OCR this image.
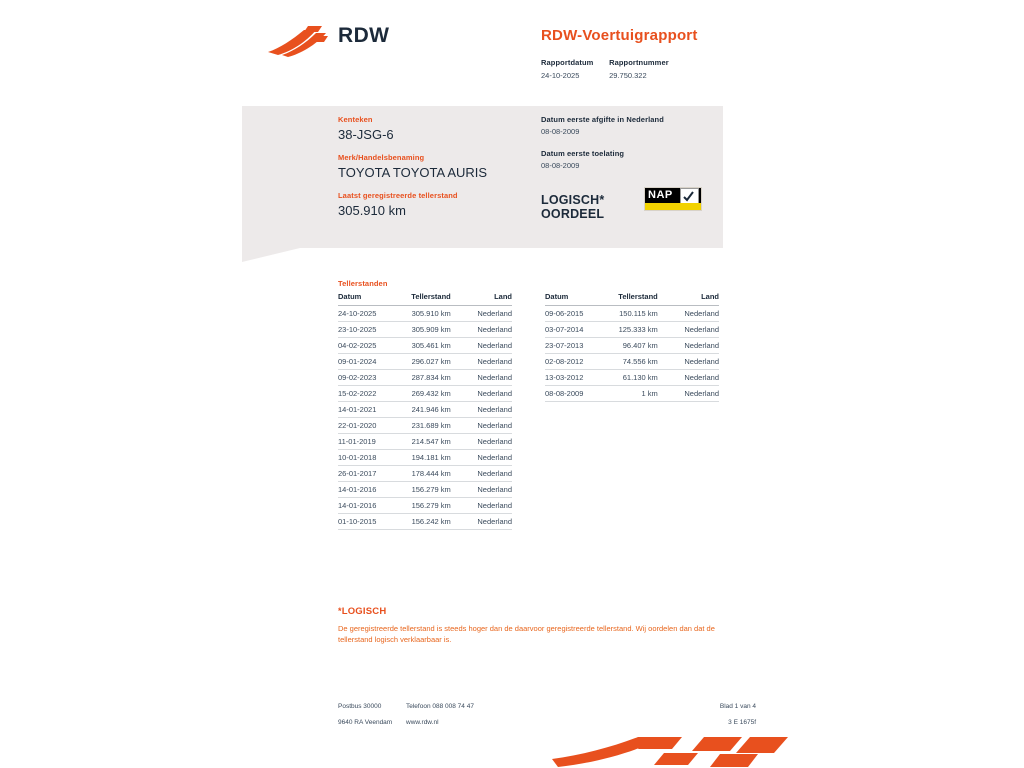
RDW	RDW-Voertuigrapport
Rapportdatum
24-10-2025

Rapportnummer
29.750.322
Kenteken
38-JSG-6
Merk/Handelsbenaming
TOYOTA TOYOTA AURIS
Laatst geregistreerde tellerstand
305.910 km
Datum eerste afgifte in Nederland
08-08-2009
Datum eerste toelating
08-08-2009
LOGISCH*
OORDEEL
NAP
Tellerstanden
Datum	Tellerstand	Land
24-10-2025	305.910 km	Nederland
23-10-2025	305.909 km	Nederland
04-02-2025	305.461 km	Nederland
09-01-2024	296.027 km	Nederland
09-02-2023	287.834 km	Nederland
15-02-2022	269.432 km	Nederland
14-01-2021	241.946 km	Nederland
22-01-2020	231.689 km	Nederland
11-01-2019	214.547 km	Nederland
10-01-2018	194.181 km	Nederland
26-01-2017	178.444 km	Nederland
14-01-2016	156.279 km	Nederland
14-01-2016	156.279 km	Nederland
01-10-2015	156.242 km	Nederland
Datum	Tellerstand	Land
09-06-2015	150.115 km	Nederland
03-07-2014	125.333 km	Nederland
23-07-2013	96.407 km	Nederland
02-08-2012	74.556 km	Nederland
13-03-2012	61.130 km	Nederland
08-08-2009	1 km	Nederland
*LOGISCH
De geregistreerde tellerstand is steeds hoger dan de daarvoor geregistreerde tellerstand. Wij oordelen dan dat de tellerstand logisch verklaarbaar is.
Postbus 30000	Telefoon 088 008 74 47
9640 RA Veendam www.rdw.nl
Blad 1 van 4
3 E 1675f
